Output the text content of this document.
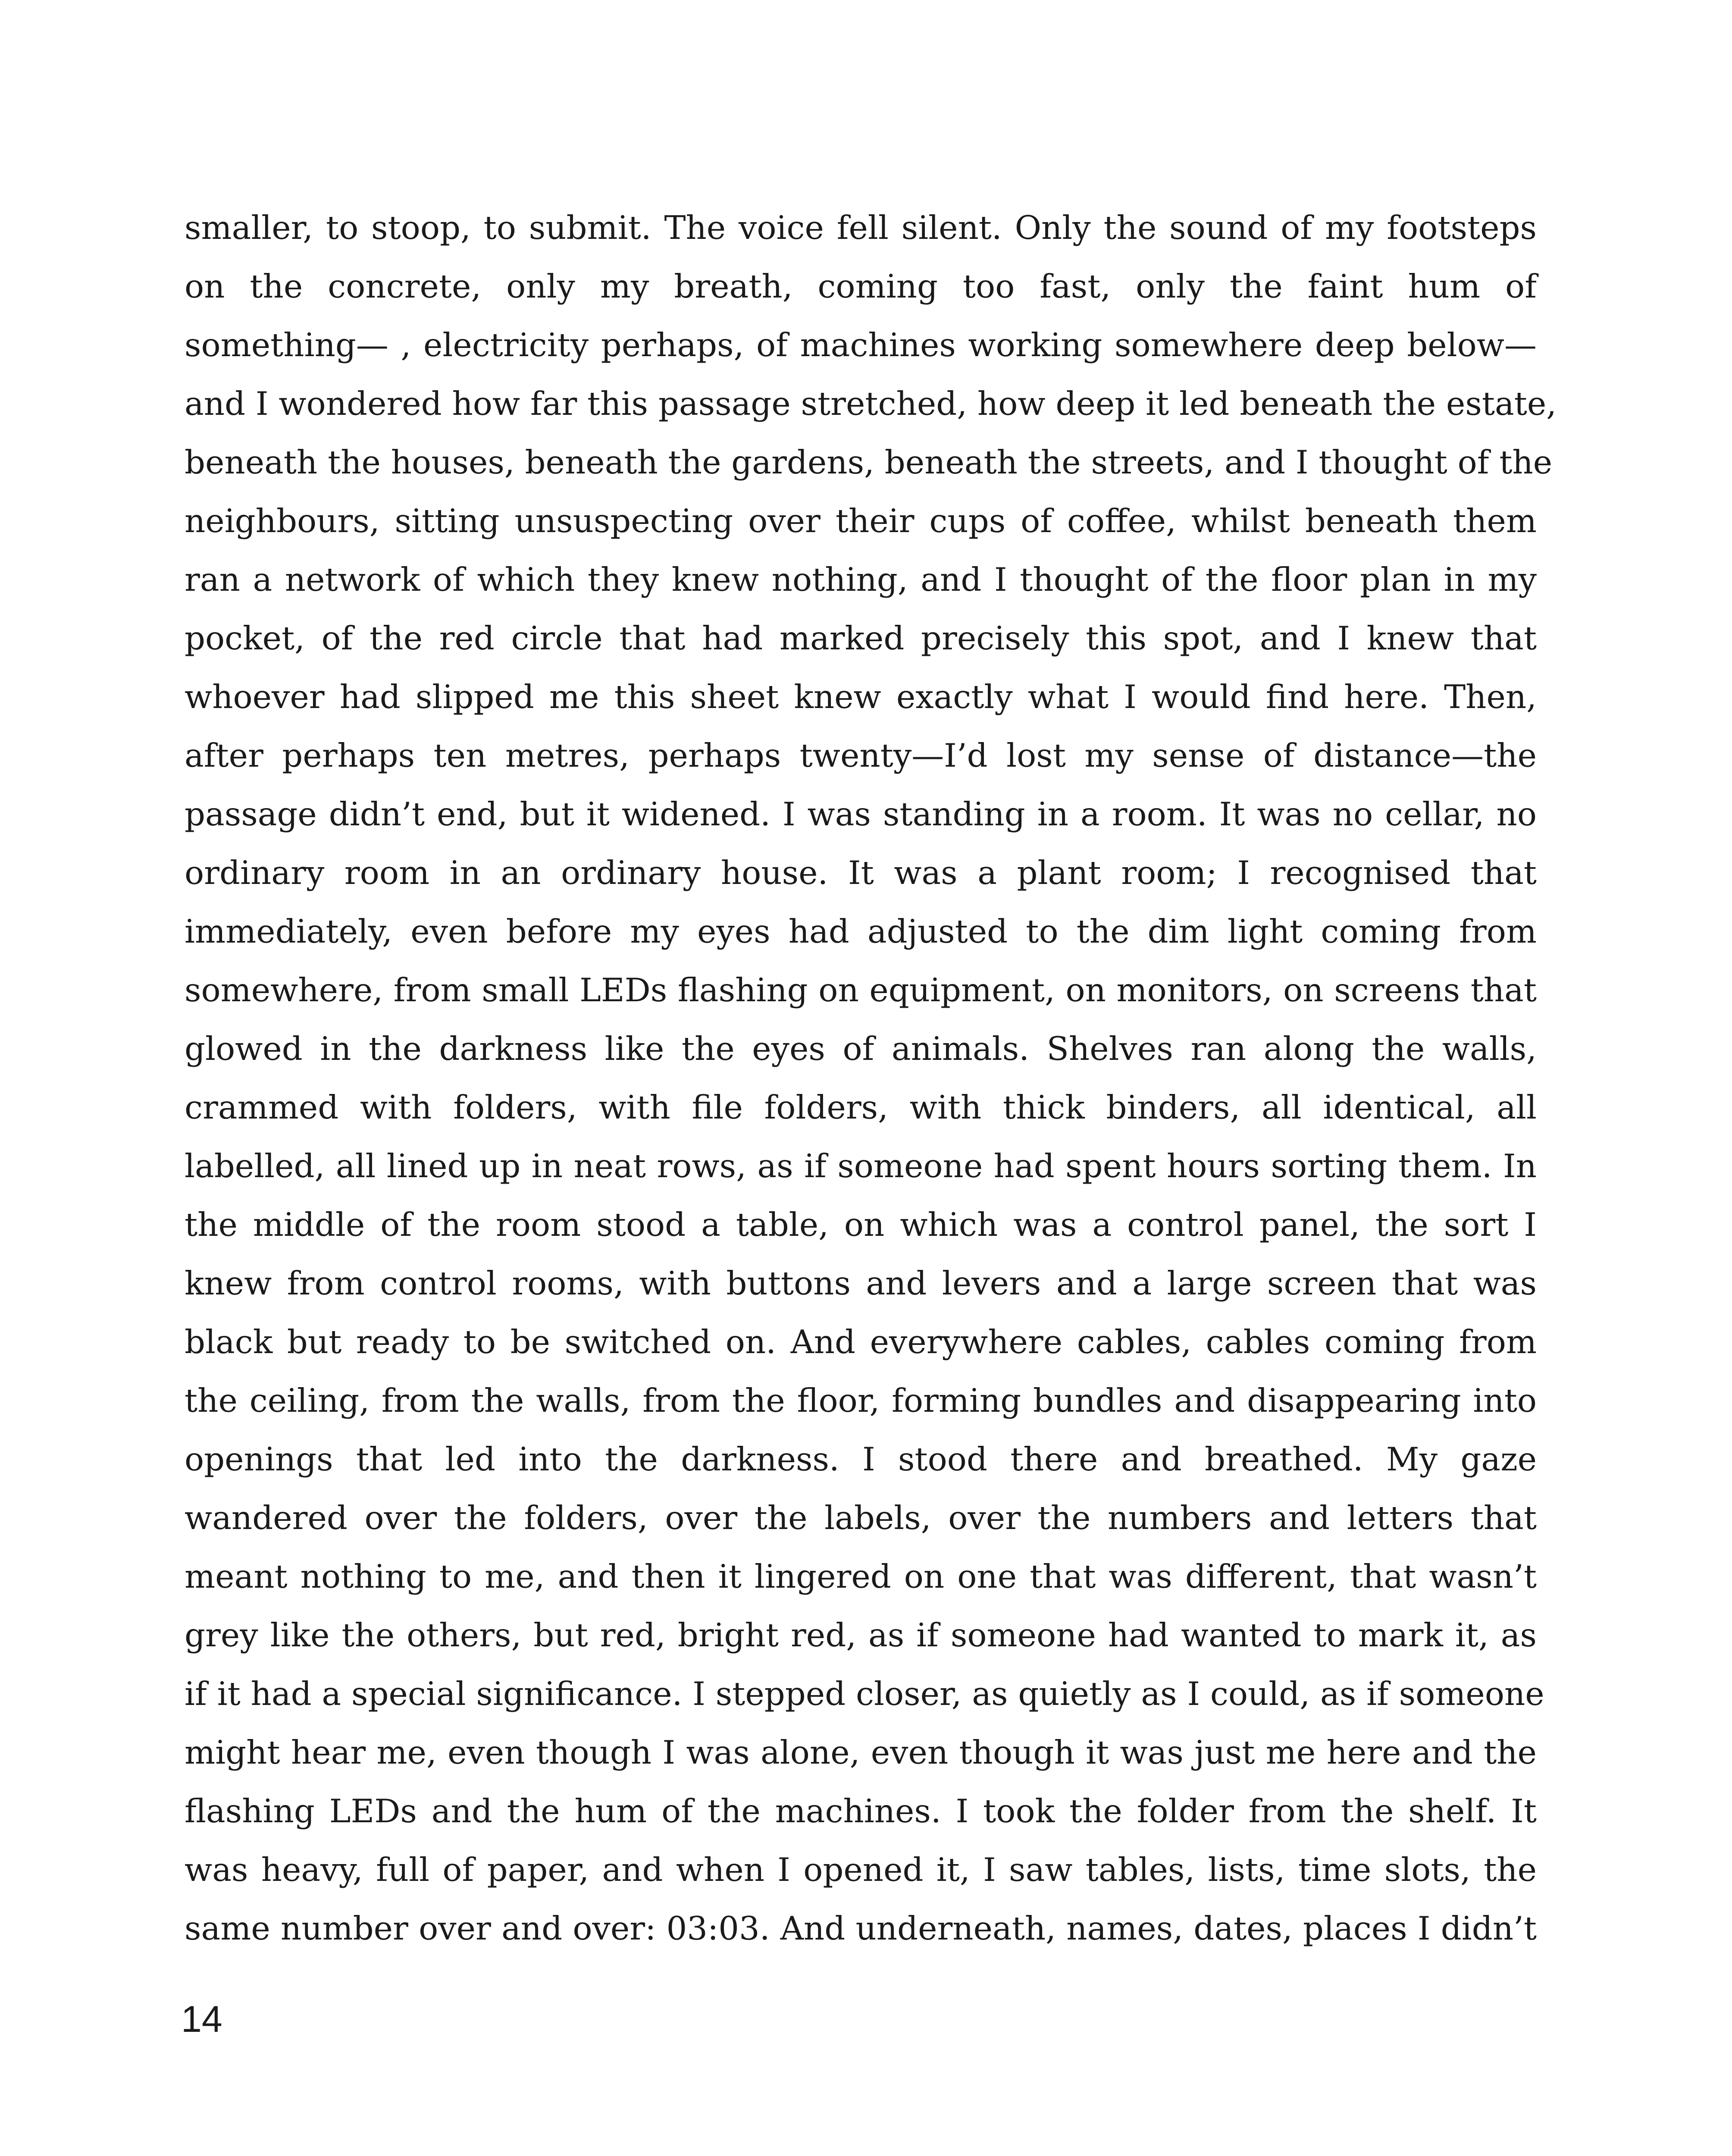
smaller, to stoop, to submit. The voice fell silent. Only the sound of my footsteps
on the concrete, only my breath, coming too fast, only the faint hum of
something— , electricity perhaps, of machines working somewhere deep below—
and I wondered how far this passage stretched, how deep it led beneath the estate,
beneath the houses, beneath the gardens, beneath the streets, and I thought of the
neighbours, sitting unsuspecting over their cups of coffee, whilst beneath them
ran a network of which they knew nothing, and I thought of the floor plan in my
pocket, of the red circle that had marked precisely this spot, and I knew that
whoever had slipped me this sheet knew exactly what I would find here. Then,
after perhaps ten metres, perhaps twenty—I’d lost my sense of distance—the
passage didn’t end, but it widened. I was standing in a room. It was no cellar, no
ordinary room in an ordinary house. It was a plant room; I recognised that
immediately, even before my eyes had adjusted to the dim light coming from
somewhere, from small LEDs flashing on equipment, on monitors, on screens that
glowed in the darkness like the eyes of animals. Shelves ran along the walls,
crammed with folders, with file folders, with thick binders, all identical, all
labelled, all lined up in neat rows, as if someone had spent hours sorting them. In
the middle of the room stood a table, on which was a control panel, the sort I
knew from control rooms, with buttons and levers and a large screen that was
black but ready to be switched on. And everywhere cables, cables coming from
the ceiling, from the walls, from the floor, forming bundles and disappearing into
openings that led into the darkness. I stood there and breathed. My gaze
wandered over the folders, over the labels, over the numbers and letters that
meant nothing to me, and then it lingered on one that was different, that wasn’t
grey like the others, but red, bright red, as if someone had wanted to mark it, as
if it had a special significance. I stepped closer, as quietly as I could, as if someone
might hear me, even though I was alone, even though it was just me here and the
flashing LEDs and the hum of the machines. I took the folder from the shelf. It
was heavy, full of paper, and when I opened it, I saw tables, lists, time slots, the
same number over and over: 03:03. And underneath, names, dates, places I didn’t
14
